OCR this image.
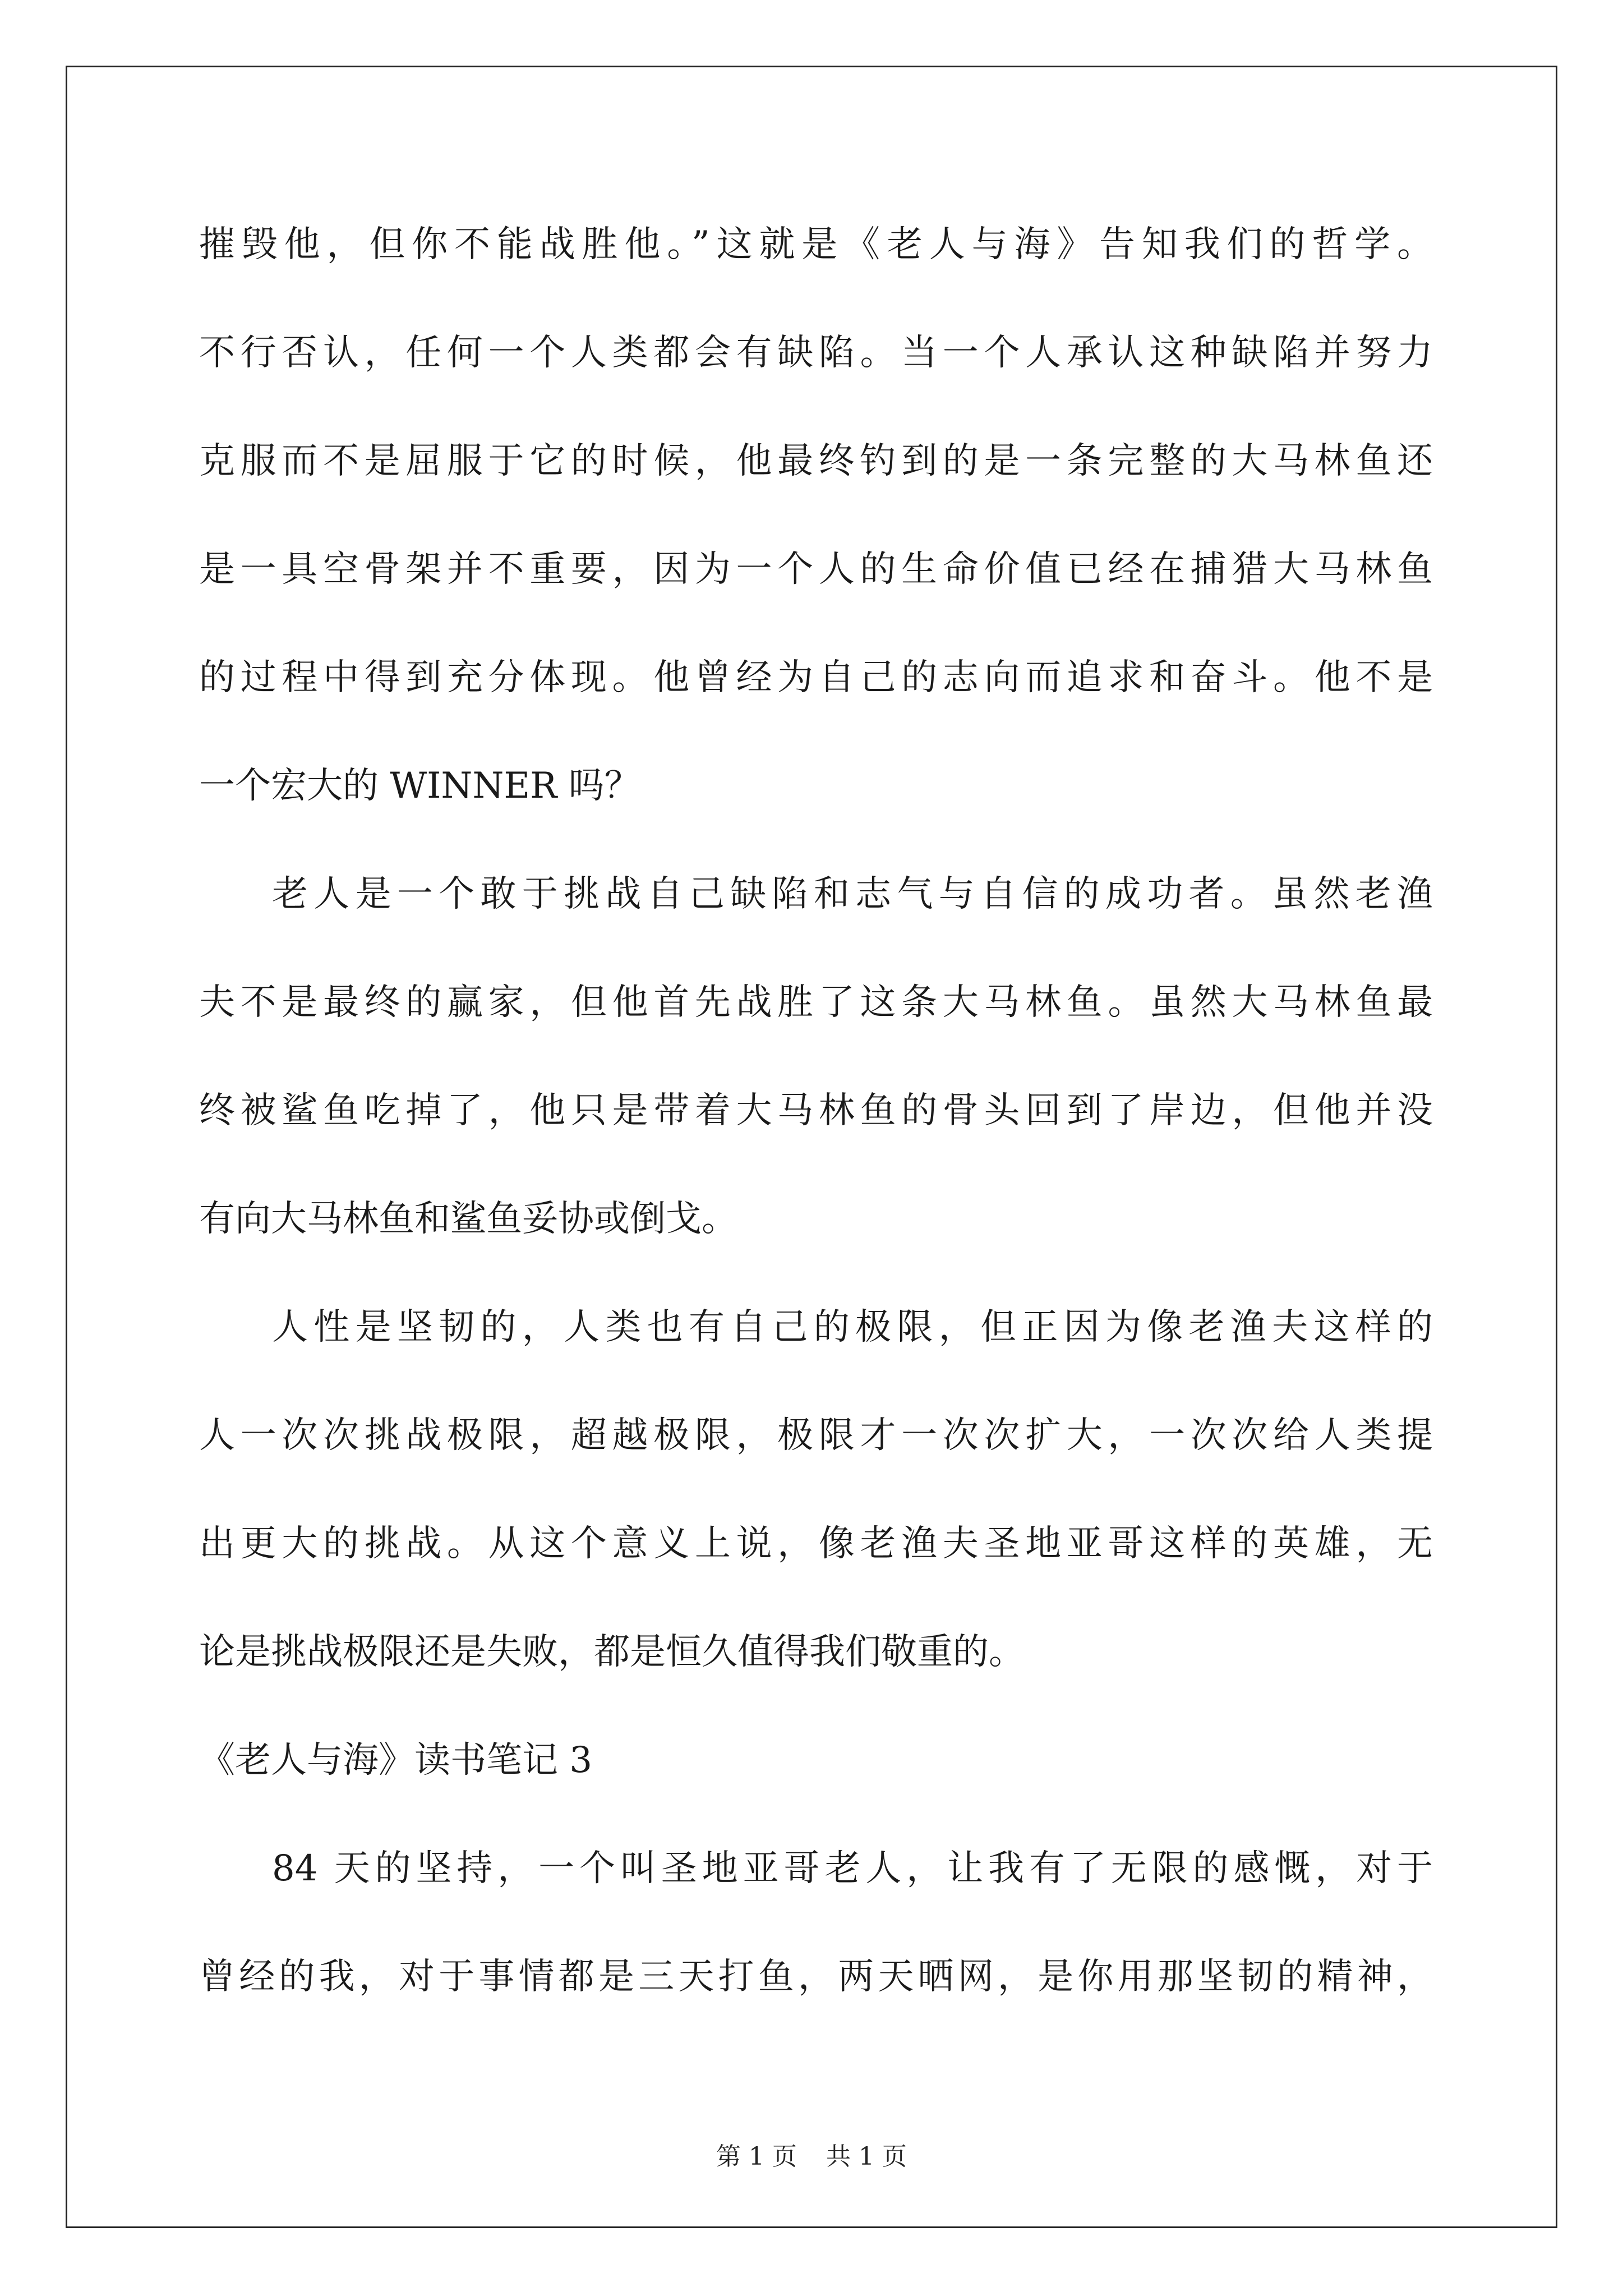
摧毁他，但你不能战胜他。”这就是《老人与海》告知我们的哲学。
不行否认，任何一个人类都会有缺陷。当一个人承认这种缺陷并努力
克服而不是屈服于它的时候，他最终钓到的是一条完整的大马林鱼还
是一具空骨架并不重要，因为一个人的生命价值已经在捕猎大马林鱼
的过程中得到充分体现。他曾经为自己的志向而追求和奋斗。他不是
一个宏大的 WINNER 吗？
老人是一个敢于挑战自己缺陷和志气与自信的成功者。虽然老渔
夫不是最终的赢家，但他首先战胜了这条大马林鱼。虽然大马林鱼最
终被鲨鱼吃掉了，他只是带着大马林鱼的骨头回到了岸边，但他并没
有向大马林鱼和鲨鱼妥协或倒戈。
人性是坚韧的，人类也有自己的极限，但正因为像老渔夫这样的
人一次次挑战极限，超越极限，极限才一次次扩大，一次次给人类提
出更大的挑战。从这个意义上说，像老渔夫圣地亚哥这样的英雄，无
论是挑战极限还是失败，都是恒久值得我们敬重的。
《老人与海》读书笔记 3
84 天的坚持，一个叫圣地亚哥老人，让我有了无限的感慨，对于
曾经的我，对于事情都是三天打鱼，两天晒网，是你用那坚韧的精神，
第 1 页 共 1 页
